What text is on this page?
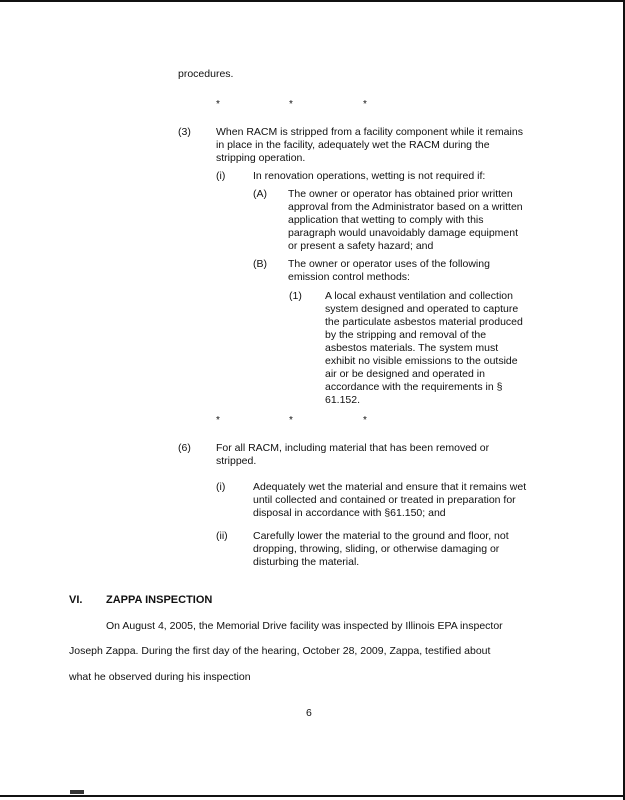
procedures.

*	*	*

(3) When RACM is stripped from a facility component while it remains
in place in the facility, adequately wet the RACM during the
stripping operation.

(i)	In renovation operations, wetting is not required if:

(A) The owner or operator has obtained prior written
approval from the Administrator based on a written
application that wetting to comply with this
paragraph would unavoidably damage equipment
or present a safety hazard; and

(B) The owner or operator uses of the following
emission control methods:

(1) A local exhaust ventilation and collection
system designed and operated to capture
the particulate asbestos material produced
by the stripping and removal of the
asbestos materials. The system must
exhibit no visible emissions to the outside
air or be designed and operated in
accordance with the requirements in §
61.152.
*	*	*

(6) For all RACM, including material that has been removed or
stripped.

(i)	Adequately wet the material and ensure that it remains wet
until collected and contained or treated in preparation for
disposal in accordance with §61.150; and

(ii) Carefully lower the material to the ground and floor, not
dropping, throwing, sliding, or otherwise damaging or
disturbing the material.

VI. ZAPPA INSPECTION

On August 4, 2005, the Memorial Drive facility was inspected by Illinois EPA inspector

Joseph Zappa. During the first day of the hearing, October 28, 2009, Zappa, testified about

what he observed during his inspection

6
